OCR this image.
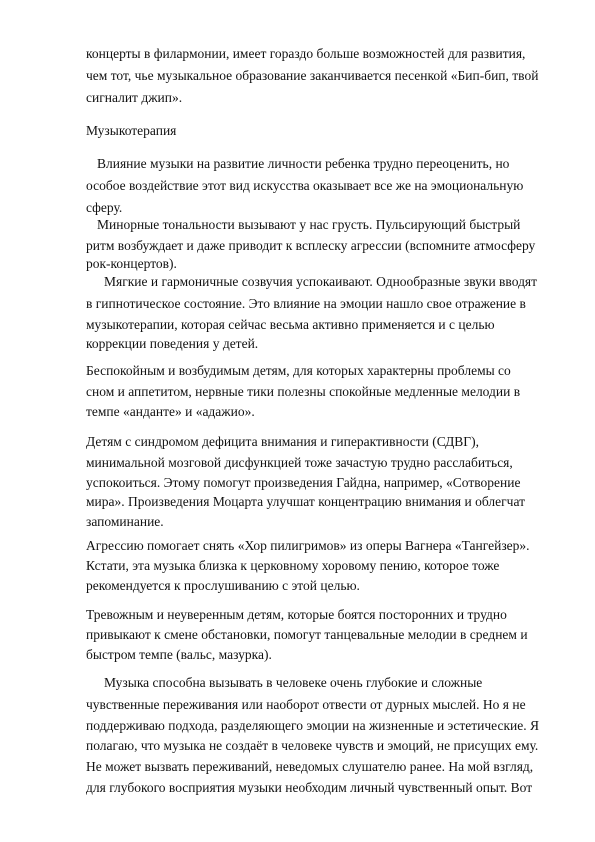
концерты в филармонии, имеет гораздо больше возможностей для развития,

чем тот, чье музыкальное образование заканчивается песенкой «Бип-бип, твой

сигналит джип».

Музыкотерапия

Влияние музыки на развитие личности ребенка трудно переоценить, но

особое воздействие этот вид искусства оказывает все же на эмоциональную

сферу.

Минорные тональности вызывают у нас грусть. Пульсирующий быстрый

ритм возбуждает и даже приводит к всплеску агрессии (вспомните атмосферу

рок-концертов).

Мягкие и гармоничные созвучия успокаивают. Однообразные звуки вводят

в гипнотическое состояние. Это влияние на эмоции нашло свое отражение в

музыкотерапии, которая сейчас весьма активно применяется и с целью

коррекции поведения у детей.

Беспокойным и возбудимым детям, для которых характерны проблемы со

сном и аппетитом, нервные тики полезны спокойные медленные мелодии в

темпе «анданте» и «адажио».

Детям с синдромом дефицита внимания и гиперактивности (СДВГ),

минимальной мозговой дисфункцией тоже зачастую трудно расслабиться,

успокоиться. Этому помогут произведения Гайдна, например, «Сотворение

мира». Произведения Моцарта улучшат концентрацию внимания и облегчат

запоминание.

Агрессию помогает снять «Хор пилигримов» из оперы Вагнера «Тангейзер».

Кстати, эта музыка близка к церковному хоровому пению, которое тоже

рекомендуется к прослушиванию с этой целью.

Тревожным и неуверенным детям, которые боятся посторонних и трудно

привыкают к смене обстановки, помогут танцевальные мелодии в среднем и

быстром темпе (вальс, мазурка).

Музыка способна вызывать в человеке очень глубокие и сложные

чувственные переживания или наоборот отвести от дурных мыслей. Но я не

поддерживаю подхода, разделяющего эмоции на жизненные и эстетические. Я

полагаю, что музыка не создаёт в человеке чувств и эмоций, не присущих ему.

Не может вызвать переживаний, неведомых слушателю ранее. На мой взгляд,

для глубокого восприятия музыки необходим личный чувственный опыт. Вот
